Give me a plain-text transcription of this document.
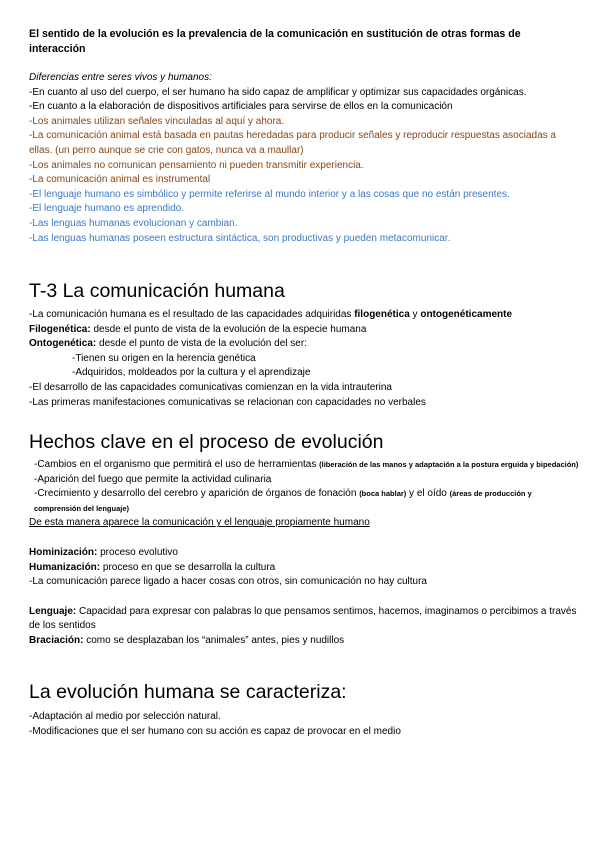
El sentido de la evolución es la prevalencia de la comunicación en sustitución de otras formas de interacción

Diferencias entre seres vivos y humanos:

-En cuanto al uso del cuerpo, el ser humano ha sido capaz de amplificar y optimizar sus capacidades orgánicas.

-En cuanto a la elaboración de dispositivos artificiales para servirse de ellos en la comunicación

-Los animales utilizan señales vinculadas al aquí y ahora.

-La comunicación animal está basada en pautas heredadas para producir señales y reproducir respuestas asociadas a ellas. (un perro aunque se crie con gatos, nunca va a maullar)

-Los animales no comunican pensamiento ni pueden transmitir experiencia.

-La comunicación animal es instrumental

-El lenguaje humano es simbólico y permite referirse al mundo interior y a las cosas que no están presentes.

-El lenguaje humano es aprendido.

-Las lenguas humanas evolucionan y cambian.

-Las lenguas humanas poseen estructura sintáctica, son productivas y pueden metacomunicar.

T-3 La comunicación humana

-La comunicación humana es el resultado de las capacidades adquiridas filogenética y ontogenéticamente

Filogenética: desde el punto de vista de la evolución de la especie humana

Ontogenética: desde el punto de vista de la evolución del ser:

-Tienen su origen en la herencia genética

-Adquiridos, moldeados por la cultura y el aprendizaje

-El desarrollo de las capacidades comunicativas comienzan en la vida intrauterina

-Las primeras manifestaciones comunicativas se relacionan con capacidades no verbales

Hechos clave en el proceso de evolución

-Cambios en el organismo que permitirá el uso de herramientas (liberación de las manos y adaptación a la postura erguida y bipedación)

-Aparición del fuego que permite la actividad culinaria

-Crecimiento y desarrollo del cerebro y aparición de órganos de fonación (boca hablar) y el oído (áreas de producción y comprensión del lenguaje)

De esta manera aparece la comunicación y el lenguaje propiamente humano

Hominización: proceso evolutivo

Humanización: proceso en que se desarrolla la cultura

-La comunicación parece ligado a hacer cosas con otros, sin comunicación no hay cultura

Lenguaje: Capacidad para expresar con palabras lo que pensamos sentimos, hacemos, imaginamos o percibimos a través de los sentidos

Braciación: como se desplazaban los “animales” antes, pies y nudillos

La evolución humana se caracteriza:

-Adaptación al medio por selección natural.

-Modificaciones que el ser humano con su acción es capaz de provocar en el medio
